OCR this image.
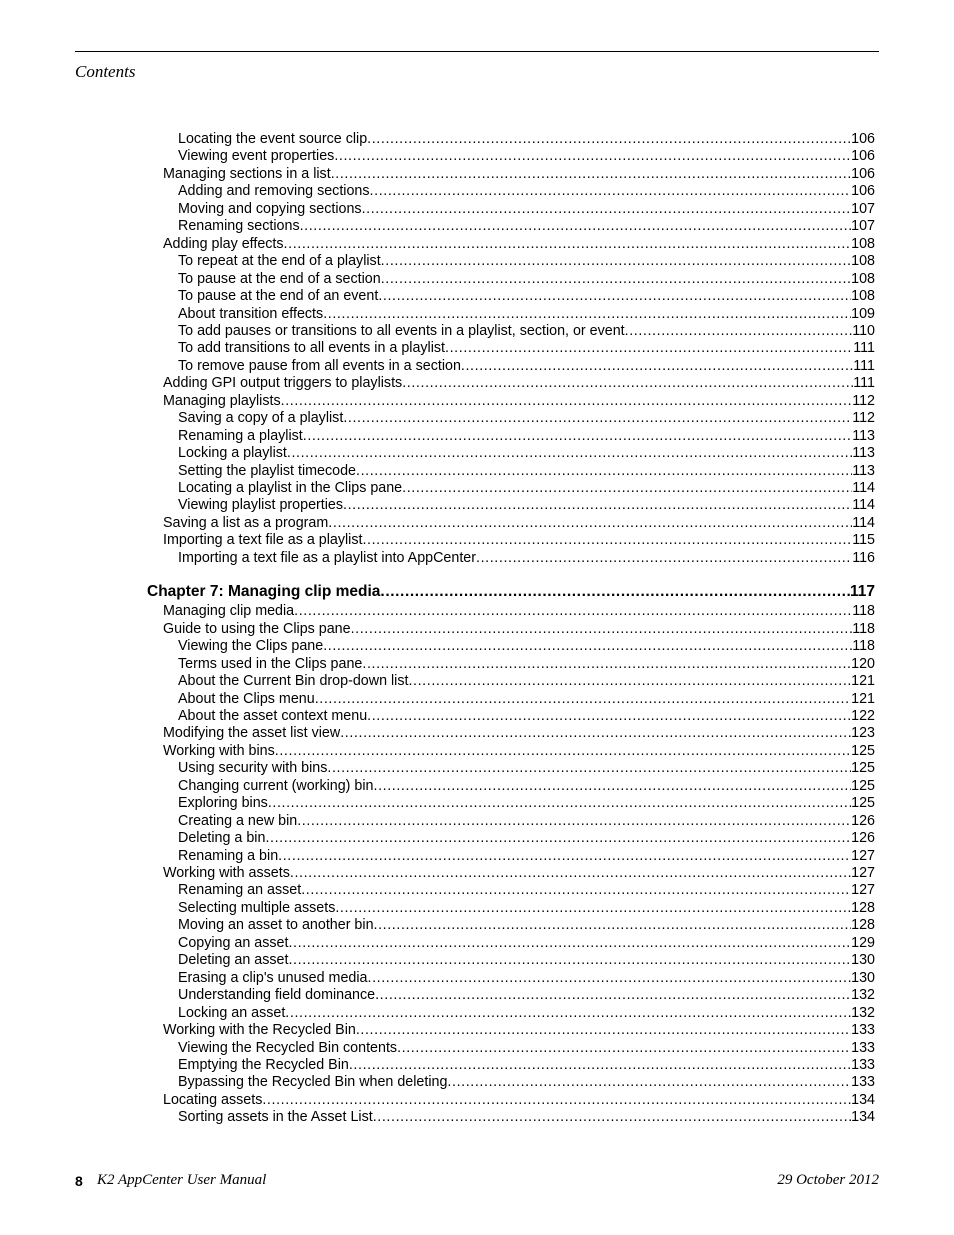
Contents
Locating the event source clip .....	106
Viewing event properties .....	106
Managing sections in a list .....	106
Adding and removing sections .....	106
Moving and copying sections .....	107
Renaming sections .....	107
Adding play effects .....	108
To repeat at the end of a playlist .....	108
To pause at the end of a section .....	108
To pause at the end of an event .....	108
About transition effects .....	109
To add pauses or transitions to all events in a playlist, section, or event .....	110
To add transitions to all events in a playlist .....	111
To remove pause from all events in a section .....	111
Adding GPI output triggers to playlists .....	111
Managing playlists .....	112
Saving a copy of a playlist .....	112
Renaming a playlist .....	113
Locking a playlist .....	113
Setting the playlist timecode .....	113
Locating a playlist in the Clips pane .....	114
Viewing playlist properties .....	114
Saving a list as a program .....	114
Importing a text file as a playlist .....	115
Importing a text file as a playlist into AppCenter .....	116
Chapter 7: Managing clip media .....	117
Managing clip media .....	118
Guide to using the Clips pane .....	118
Viewing the Clips pane .....	118
Terms used in the Clips pane .....	120
About the Current Bin drop-down list .....	121
About the Clips menu .....	121
About the asset context menu .....	122
Modifying the asset list view .....	123
Working with bins .....	125
Using security with bins .....	125
Changing current (working) bin .....	125
Exploring bins .....	125
Creating a new bin .....	126
Deleting a bin .....	126
Renaming a bin .....	127
Working with assets .....	127
Renaming an asset .....	127
Selecting multiple assets .....	128
Moving an asset to another bin .....	128
Copying an asset .....	129
Deleting an asset .....	130
Erasing a clip's unused media .....	130
Understanding field dominance .....	132
Locking an asset .....	132
Working with the Recycled Bin .....	133
Viewing the Recycled Bin contents .....	133
Emptying the Recycled Bin .....	133
Bypassing the Recycled Bin when deleting .....	133
Locating assets .....	134
Sorting assets in the Asset List .....	134
8 K2 AppCenter User Manual	29 October 2012
